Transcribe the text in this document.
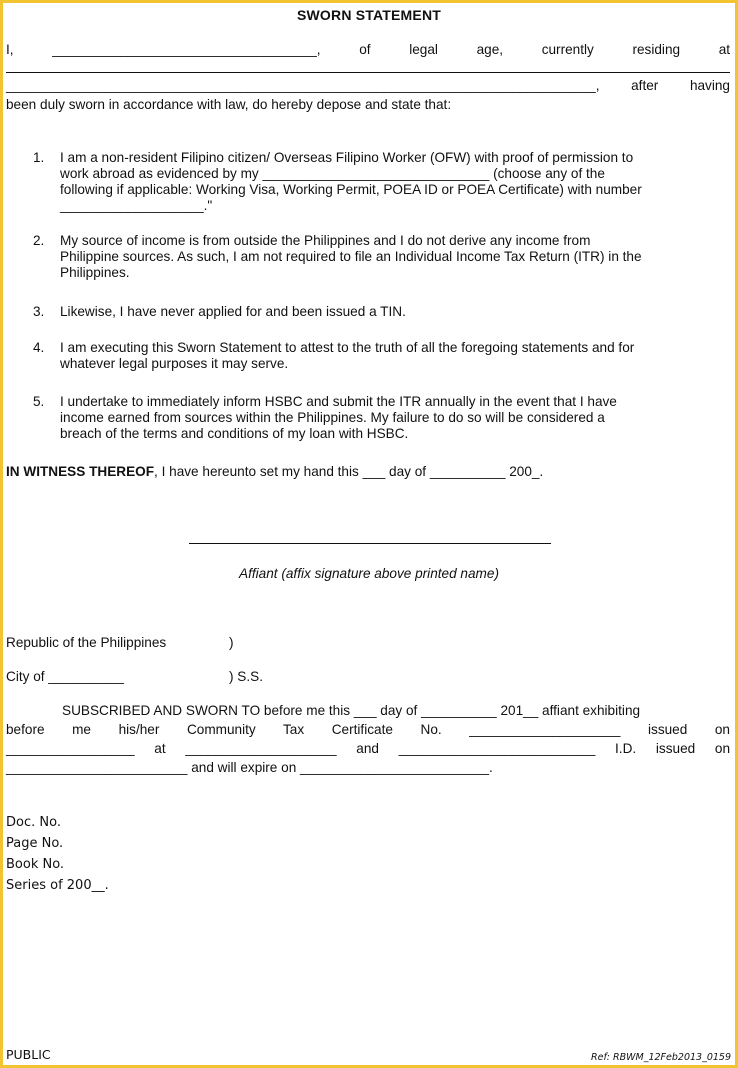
SWORN STATEMENT
I,	___________________________________,	of	legal	age,	currently	residing	at
______________________________________________________________________________, after having
been duly sworn in accordance with law, do hereby depose and state that:
1. I am a non-resident Filipino citizen/ Overseas Filipino Worker (OFW) with proof of permission to
work abroad as evidenced by my ______________________________ (choose any of the
following if applicable: Working Visa, Working Permit, POEA ID or POEA Certificate) with number
___________________."
2. My source of income is from outside the Philippines and I do not derive any income from
Philippine sources. As such, I am not required to file an Individual Income Tax Return (ITR) in the
Philippines.
3. Likewise, I have never applied for and been issued a TIN.
4. I am executing this Sworn Statement to attest to the truth of all the foregoing statements and for
whatever legal purposes it may serve.
5. I undertake to immediately inform HSBC and submit the ITR annually in the event that I have
income earned from sources within the Philippines. My failure to do so will be considered a
breach of the terms and conditions of my loan with HSBC.
IN WITNESS THEREOF, I have hereunto set my hand this ___ day of __________ 200_.
Affiant (affix signature above printed name)
Republic of the Philippines	)
City of __________	) S.S.
SUBSCRIBED AND SWORN TO before me this ___ day of __________ 201__ affiant exhibiting
before me his/her Community Tax Certificate No. ____________________ issued on
_________________ at ____________________ and __________________________ I.D. issued on
________________________ and will expire on _________________________.
Doc. No.
Page No.
Book No.
Series of 200__.
PUBLIC	Ref: RBWM_12Feb2013_0159
